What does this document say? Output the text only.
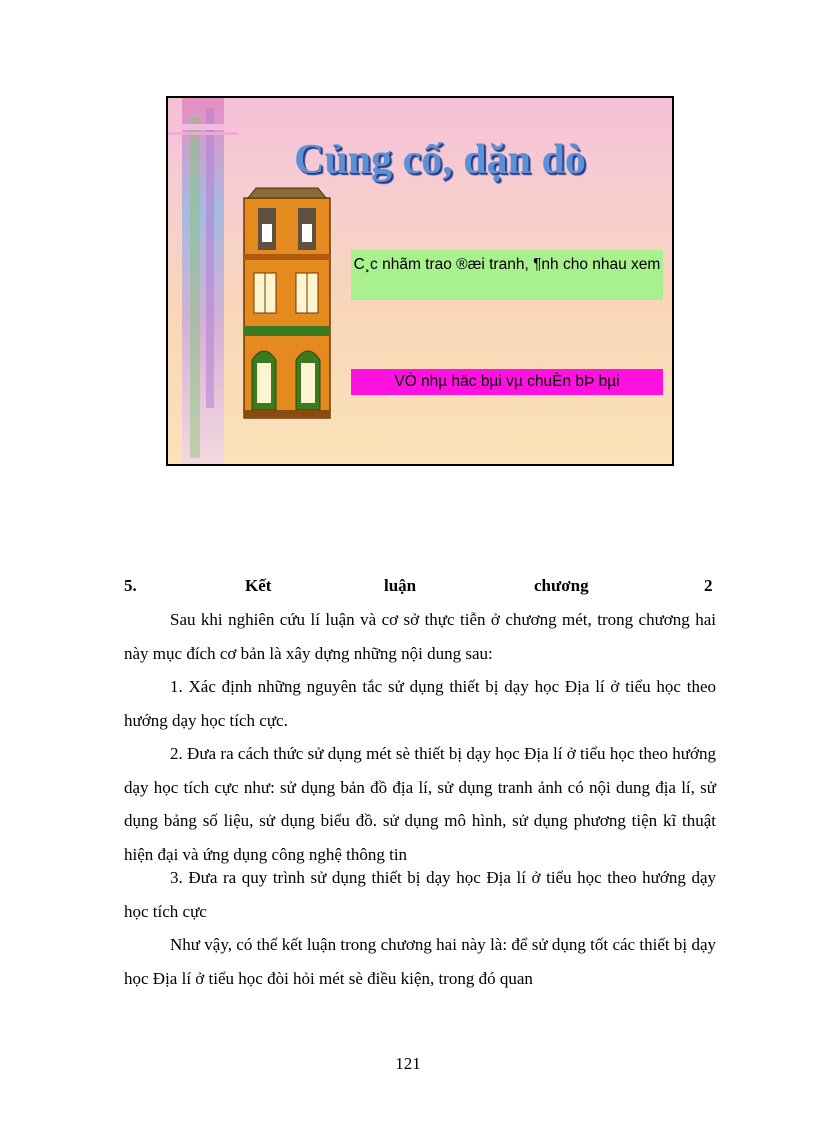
Củng cố, dặn dò
C¸c nhãm trao ®æi tranh, ¶nh cho nhau xem
VÒ nhµ häc bµi vµ chuÈn bÞ bµi
5.	Kết	luận	chương	2

Sau khi nghiên cứu lí luận và cơ sở thực tiễn ở chương mét, trong chương hai này mục đích cơ bản là xây dựng những nội dung sau:

1. Xác định những nguyên tắc sử dụng thiết bị dạy học Địa lí ở tiểu học theo hướng dạy học tích cực.

2. Đưa ra cách thức sử dụng mét sè thiết bị dạy học Địa lí ở tiểu học theo hướng dạy học tích cực như: sử dụng bản đồ địa lí, sử dụng tranh ảnh có nội dung địa lí, sử dụng bảng số liệu, sử dụng biểu đồ. sử dụng mô hình, sử dụng phương tiện kĩ thuật hiện đại và ứng dụng công nghệ thông tin

3. Đưa ra quy trình sử dụng thiết bị dạy học Địa lí ở tiểu học theo hướng dạy học tích cực

Như vậy, có thể kết luận trong chương hai này là: để sử dụng tốt các thiết bị dạy học Địa lí ở tiểu học đòi hỏi mét sè điều kiện, trong đó quan

121
